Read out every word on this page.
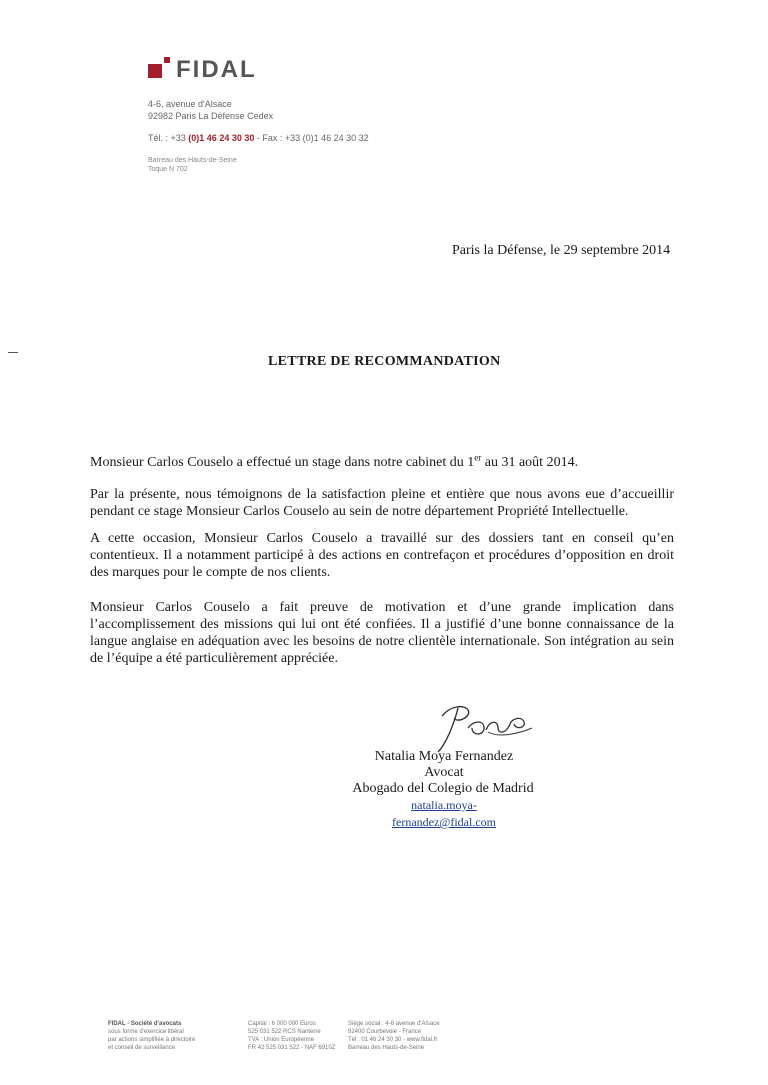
FIDAL
4-6, avenue d'Alsace
92982 Paris La Défense Cedex
Tél. : +33 (0)1 46 24 30 30 - Fax : +33 (0)1 46 24 30 32
Barreau des Hauts-de-Seine
Toque N 702
Paris la Défense, le 29 septembre 2014
LETTRE DE RECOMMANDATION
Monsieur Carlos Couselo a effectué un stage dans notre cabinet du 1er au 31 août 2014.
Par la présente, nous témoignons de la satisfaction pleine et entière que nous avons eue d’accueillir pendant ce stage Monsieur Carlos Couselo au sein de notre département Propriété Intellectuelle.
A cette occasion, Monsieur Carlos Couselo a travaillé sur des dossiers tant en conseil qu’en contentieux. Il a notamment participé à des actions en contrefaçon et procédures d’opposition en droit des marques pour le compte de nos clients.
Monsieur Carlos Couselo a fait preuve de motivation et d’une grande implication dans l’accomplissement des missions qui lui ont été confiées. Il a justifié d’une bonne connaissance de la langue anglaise en adéquation avec les besoins de notre clientèle internationale. Son intégration au sein de l’équipe a été particulièrement appréciée.
Natalia Moya Fernandez
Avocat
Abogado del Colegio de Madrid
natalia.moya-fernandez@fidal.com
FIDAL - Société d'avocats
sous forme d'exercice libéral
par actions simplifiée à directoire
et conseil de surveillance
Capital : 6 000 000 Euros
525 031 522 RCS Nanterre
TVA : Union Européenne
FR 42 525 031 522 - NAF 6910Z
Siège social : 4-6 avenue d'Alsace
92400 Courbevoie - France
Tél : 01 46 24 30 30 - www.fidal.fr
Barreau des Hauts-de-Seine
